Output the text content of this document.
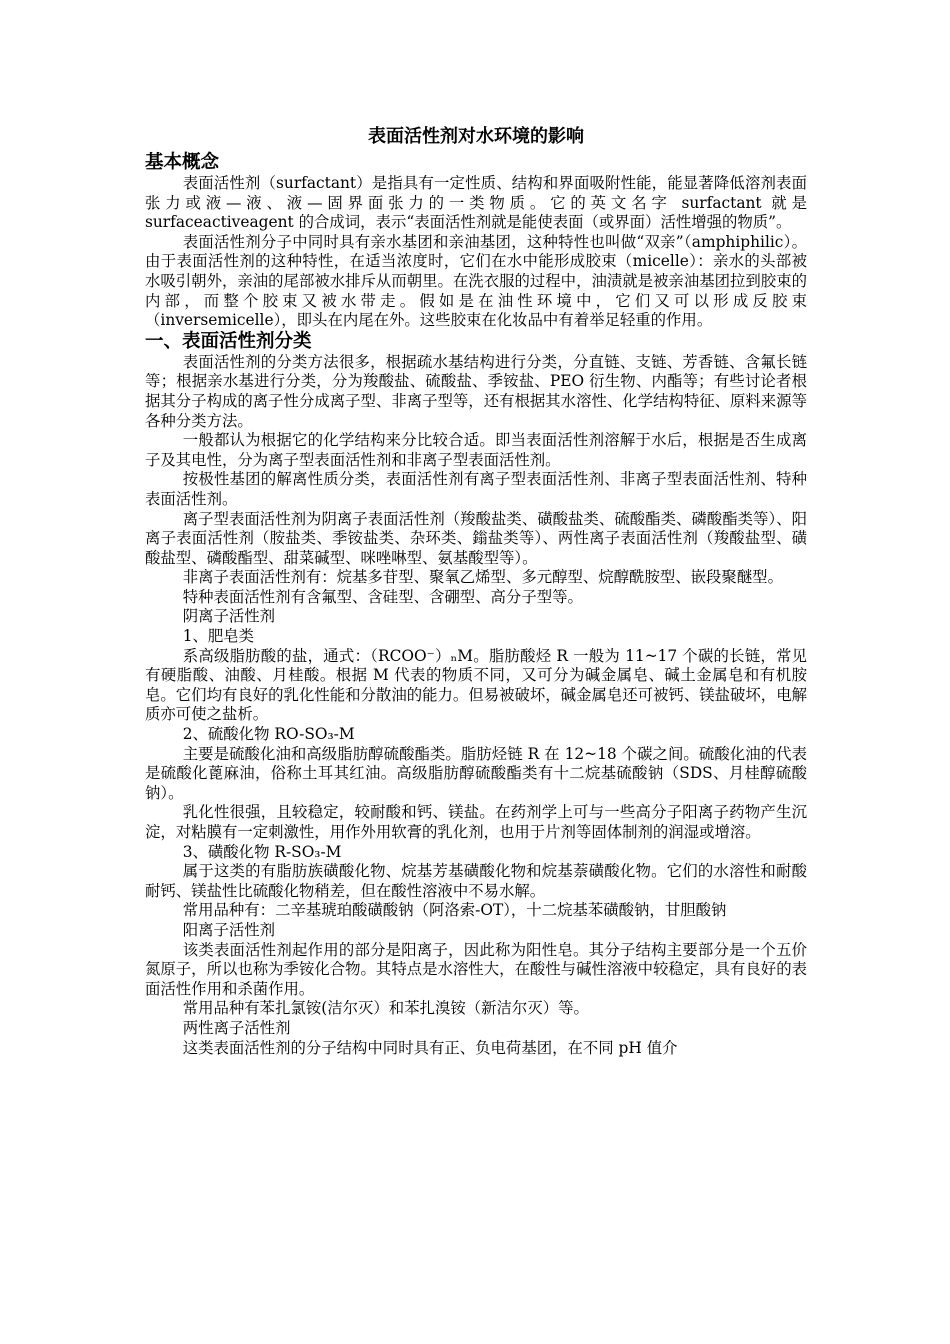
表面活性剂对水环境的影响
基本概念

表面活性剂（surfactant）是指具有一定性质、结构和界面吸附性能，能显著降低溶剂表面张力或液—液、液—固界面张力的一类物质。它的英文名字 surfactant 就是 surfaceactiveagent 的合成词，表示“表面活性剂就是能使表面（或界面）活性增强的物质”。

表面活性剂分子中同时具有亲水基团和亲油基团，这种特性也叫做“双亲”（amphiphilic）。由于表面活性剂的这种特性，在适当浓度时，它们在水中能形成胶束（micelle）：亲水的头部被水吸引朝外，亲油的尾部被水排斥从而朝里。在洗衣服的过程中，油渍就是被亲油基团拉到胶束的内部，而整个胶束又被水带走。假如是在油性环境中，它们又可以形成反胶束（inversemicelle），即头在内尾在外。这些胶束在化妆品中有着举足轻重的作用。

一、表面活性剂分类

表面活性剂的分类方法很多，根据疏水基结构进行分类，分直链、支链、芳香链、含氟长链等；根据亲水基进行分类，分为羧酸盐、硫酸盐、季铵盐、PEO 衍生物、内酯等；有些讨论者根据其分子构成的离子性分成离子型、非离子型等，还有根据其水溶性、化学结构特征、原料来源等各种分类方法。

一般都认为根据它的化学结构来分比较合适。即当表面活性剂溶解于水后，根据是否生成离子及其电性，分为离子型表面活性剂和非离子型表面活性剂。

按极性基团的解离性质分类，表面活性剂有离子型表面活性剂、非离子型表面活性剂、特种表面活性剂。

离子型表面活性剂为阴离子表面活性剂（羧酸盐类、磺酸盐类、硫酸酯类、磷酸酯类等）、阳离子表面活性剂（胺盐类、季铵盐类、杂环类、鎓盐类等）、两性离子表面活性剂（羧酸盐型、磺酸盐型、磷酸酯型、甜菜碱型、咪唑啉型、氨基酸型等）。

非离子表面活性剂有：烷基多苷型、聚氧乙烯型、多元醇型、烷醇酰胺型、嵌段聚醚型。

特种表面活性剂有含氟型、含硅型、含硼型、高分子型等。

阴离子活性剂

1、肥皂类

系高级脂肪酸的盐，通式：（RCOO⁻）ₙM。脂肪酸烃 R 一般为 11~17 个碳的长链，常见有硬脂酸、油酸、月桂酸。根据 M 代表的物质不同，又可分为碱金属皂、碱土金属皂和有机胺皂。它们均有良好的乳化性能和分散油的能力。但易被破坏，碱金属皂还可被钙、镁盐破坏，电解质亦可使之盐析。

2、硫酸化物 RO-SO₃-M

主要是硫酸化油和高级脂肪醇硫酸酯类。脂肪烃链 R 在 12~18 个碳之间。硫酸化油的代表是硫酸化蓖麻油，俗称土耳其红油。高级脂肪醇硫酸酯类有十二烷基硫酸钠（SDS、月桂醇硫酸钠）。

乳化性很强，且较稳定，较耐酸和钙、镁盐。在药剂学上可与一些高分子阳离子药物产生沉淀，对粘膜有一定刺激性，用作外用软膏的乳化剂，也用于片剂等固体制剂的润湿或增溶。

3、磺酸化物 R-SO₃-M

属于这类的有脂肪族磺酸化物、烷基芳基磺酸化物和烷基萘磺酸化物。它们的水溶性和耐酸耐钙、镁盐性比硫酸化物稍差，但在酸性溶液中不易水解。

常用品种有：二辛基琥珀酸磺酸钠（阿洛索-OT），十二烷基苯磺酸钠，甘胆酸钠

阳离子活性剂

该类表面活性剂起作用的部分是阳离子，因此称为阳性皂。其分子结构主要部分是一个五价氮原子，所以也称为季铵化合物。其特点是水溶性大，在酸性与碱性溶液中较稳定，具有良好的表面活性作用和杀菌作用。

常用品种有苯扎氯铵(洁尔灭）和苯扎溴铵（新洁尔灭）等。

两性离子活性剂

这类表面活性剂的分子结构中同时具有正、负电荷基团，在不同 pH 值介
